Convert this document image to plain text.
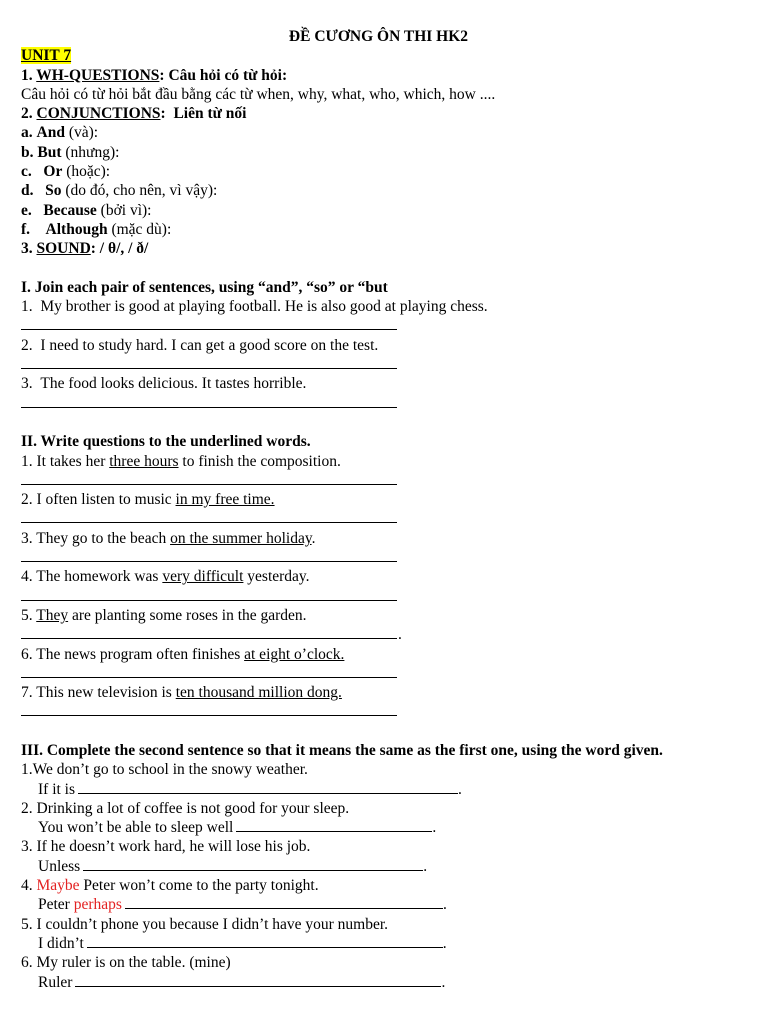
ĐỀ CƯƠNG ÔN THI HK2
UNIT 7
1. WH-QUESTIONS: Câu hỏi có từ hỏi:
Câu hỏi có từ hỏi bắt đầu bằng các từ when, why, what, who, which, how ....
2. CONJUNCTIONS: Liên từ nối
a. And (và):
b. But (nhưng):
c. Or (hoặc):
d. So (do đó, cho nên, vì vậy):
e. Because (bởi vì):
f. Although (mặc dù):
3. SOUND: / θ/, / ð/
I. Join each pair of sentences, using “and”, “so” or “but
1. My brother is good at playing football. He is also good at playing chess.
2. I need to study hard. I can get a good score on the test.
3. The food looks delicious. It tastes horrible.
II. Write questions to the underlined words.
1. It takes her three hours to finish the composition.
2. I often listen to music in my free time.
3. They go to the beach on the summer holiday.
4. The homework was very difficult yesterday.
5. They are planting some roses in the garden.
.
6. The news program often finishes at eight o’clock.
7. This new television is ten thousand million dong.
III. Complete the second sentence so that it means the same as the first one, using the word given.
1.We don’t go to school in the snowy weather.
If it is	.
2. Drinking a lot of coffee is not good for your sleep.
You won’t be able to sleep well	.
3. If he doesn’t work hard, he will lose his job.
Unless	.
4. Maybe Peter won’t come to the party tonight.
Peter perhaps	.
5. I couldn’t phone you because I didn’t have your number.
I didn’t	.
6. My ruler is on the table. (mine)
Ruler	.
